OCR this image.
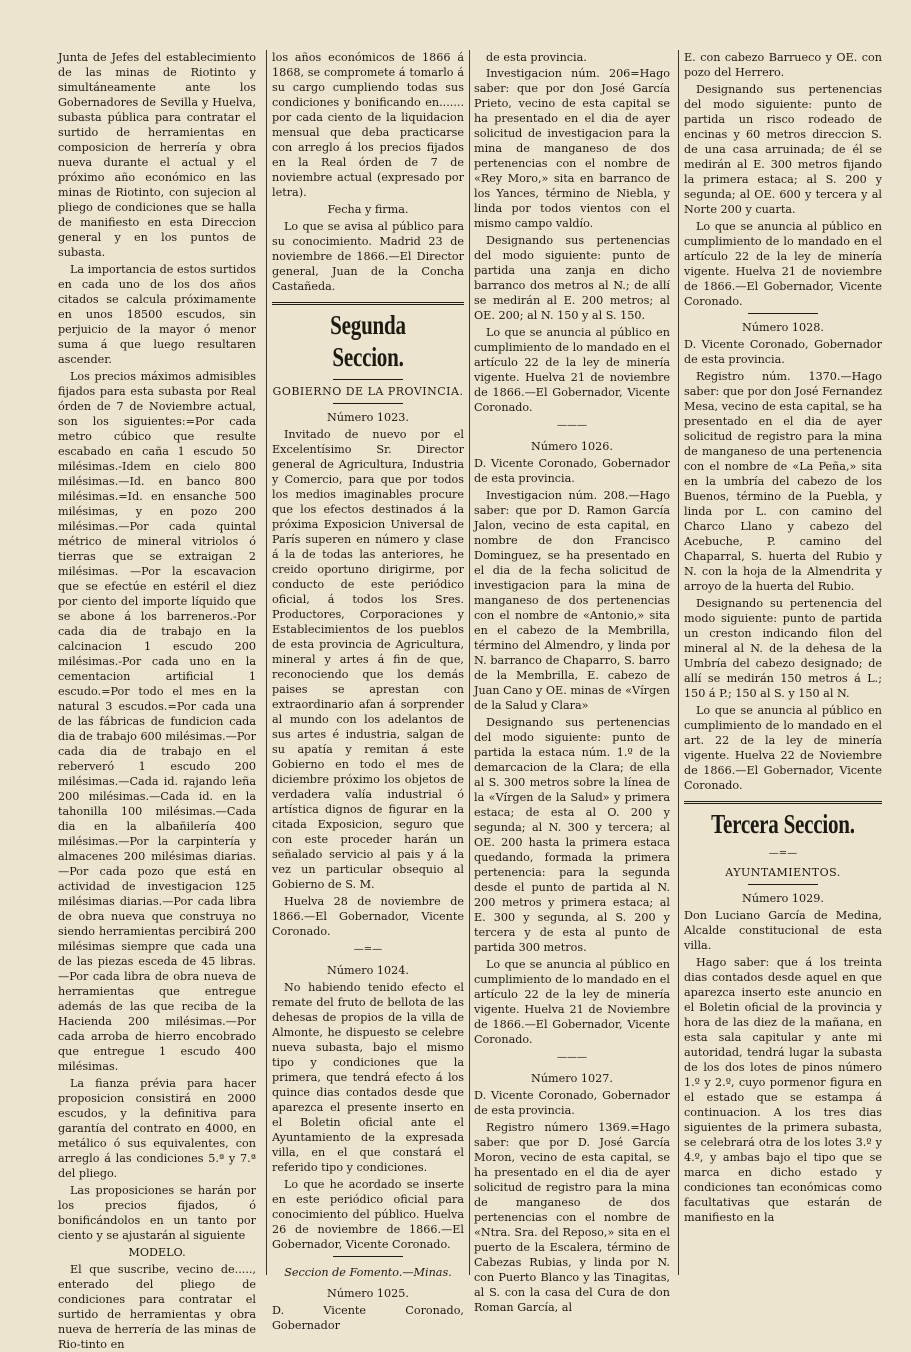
Junta de Jefes del establecimiento de las minas de Riotinto y simultáneamente ante los Gobernadores de Sevilla y Huelva, subasta pública para contratar el surtido de herramientas en composicion de herrería y obra nueva durante el actual y el próximo año económico en las minas de Riotinto, con sujecion al pliego de condiciones que se halla de manifiesto en esta Direccion general y en los puntos de subasta.

La importancia de estos surtidos en cada uno de los dos años citados se calcula próximamente en unos 18500 escudos, sin perjuicio de la mayor ó menor suma á que luego resultaren ascender.

Los precios máximos admisibles fijados para esta subasta por Real órden de 7 de Noviembre actual, son los siguientes:=Por cada metro cúbico que resulte escabado en caña 1 escudo 50 milésimas.-Idem en cielo 800 milésimas.—Id. en banco 800 milésimas.=Id. en ensanche 500 milésimas, y en pozo 200 milésimas.—Por cada quintal métrico de mineral vitriolos ó tierras que se extraigan 2 milésimas. —Por la escavacion que se efectúe en estéril el diez por ciento del importe líquido que se abone á los barreneros.-Por cada dia de trabajo en la calcinacion 1 escudo 200 milésimas.-Por cada uno en la cementacion artificial 1 escudo.=Por todo el mes en la natural 3 escudos.=Por cada una de las fábricas de fundicion cada dia de trabajo 600 milésimas.—Por cada dia de trabajo en el reberveró 1 escudo 200 milésimas.—Cada id. rajando leña 200 milésimas.—Cada id. en la tahonilla 100 milésimas.—Cada dia en la albañilería 400 milésimas.—Por la carpintería y almacenes 200 milésimas diarias.—Por cada pozo que está en actividad de investigacion 125 milésimas diarias.—Por cada libra de obra nueva que construya no siendo herramientas percibirá 200 milésimas siempre que cada una de las piezas esceda de 45 libras.—Por cada libra de obra nueva de herramientas que entregue además de las que reciba de la Hacienda 200 milésimas.—Por cada arroba de hierro encobrado que entregue 1 escudo 400 milésimas.

La fianza prévia para hacer proposicion consistirá en 2000 escudos, y la definitiva para garantía del contrato en 4000, en metálico ó sus equivalentes, con arreglo á las condiciones 5.ª y 7.ª del pliego.

Las proposiciones se harán por los precios fijados, ó bonificándolos en un tanto por ciento y se ajustarán al siguiente

MODELO.

El que suscribe, vecino de....., enterado del pliego de condiciones para contratar el surtido de herramientas y obra nueva de herrería de las minas de Rio-tinto en

los años económicos de 1866 á 1868, se compromete á tomarlo á su cargo cumpliendo todas sus condiciones y bonificando en....... por cada ciento de la liquidacion mensual que deba practicarse con arreglo á los precios fijados en la Real órden de 7 de noviembre actual (expresado por letra).

Fecha y firma.

Lo que se avisa al público para su conocimiento. Madrid 23 de noviembre de 1866.—El Director general, Juan de la Concha Castañeda.

Segunda Seccion.

GOBIERNO DE LA PROVINCIA.

Número 1023.

Invitado de nuevo por el Excelentísimo Sr. Director general de Agricultura, Industria y Comercio, para que por todos los medios imaginables procure que los efectos destinados á la próxima Exposicion Universal de París superen en número y clase á la de todas las anteriores, he creido oportuno dirigirme, por conducto de este periódico oficial, á todos los Sres. Productores, Corporaciones y Establecimientos de los pueblos de esta provincia de Agricultura, mineral y artes á fin de que, reconociendo que los demás paises se aprestan con extraordinario afan á sorprender al mundo con los adelantos de sus artes é industria, salgan de su apatía y remitan á este Gobierno en todo el mes de diciembre próximo los objetos de verdadera valía industrial ó artística dignos de figurar en la citada Exposicion, seguro que con este proceder harán un señalado servicio al pais y á la vez un particular obsequio al Gobierno de S. M.

Huelva 28 de noviembre de 1866.—El Gobernador, Vicente Coronado.

—=—

Número 1024.

No habiendo tenido efecto el remate del fruto de bellota de las dehesas de propios de la villa de Almonte, he dispuesto se celebre nueva subasta, bajo el mismo tipo y condiciones que la primera, que tendrá efecto á los quince dias contados desde que aparezca el presente inserto en el Boletin oficial ante el Ayuntamiento de la expresada villa, en el que constará el referido tipo y condiciones.

Lo que he acordado se inserte en este periódico oficial para conocimiento del público. Huelva 26 de noviembre de 1866.—El Gobernador, Vicente Coronado.

Seccion de Fomento.—Minas.

Número 1025.

D. Vicente Coronado, Gobernador

de esta provincia.

Investigacion núm. 206=Hago saber: que por don José García Prieto, vecino de esta capital se ha presentado en el dia de ayer solicitud de investigacion para la mina de manganeso de dos pertenencias con el nombre de «Rey Moro,» sita en barranco de los Yances, término de Niebla, y linda por todos vientos con el mismo campo valdío.

Designando sus pertenencias del modo siguiente: punto de partida una zanja en dicho barranco dos metros al N.; de allí se medirán al E. 200 metros; al OE. 200; al N. 150 y al S. 150.

Lo que se anuncia al público en cumplimiento de lo mandado en el artículo 22 de la ley de minería vigente. Huelva 21 de noviembre de 1866.—El Gobernador, Vicente Coronado.

———

Número 1026.

D. Vicente Coronado, Gobernador de esta provincia.

Investigacion núm. 208.—Hago saber: que por D. Ramon García Jalon, vecino de esta capital, en nombre de don Francisco Dominguez, se ha presentado en el dia de la fecha solicitud de investigacion para la mina de manganeso de dos pertenencias con el nombre de «Antonio,» sita en el cabezo de la Membrilla, término del Almendro, y linda por N. barranco de Chaparro, S. barro de la Membrilla, E. cabezo de Juan Cano y OE. minas de «Vírgen de la Salud y Clara»

Designando sus pertenencias del modo siguiente: punto de partida la estaca núm. 1.º de la demarcacion de la Clara; de ella al S. 300 metros sobre la línea de la «Vírgen de la Salud» y primera estaca; de esta al O. 200 y segunda; al N. 300 y tercera; al OE. 200 hasta la primera estaca quedando, formada la primera pertenencia: para la segunda desde el punto de partida al N. 200 metros y primera estaca; al E. 300 y segunda, al S. 200 y tercera y de esta al punto de partida 300 metros.

Lo que se anuncia al público en cumplimiento de lo mandado en el artículo 22 de la ley de minería vigente. Huelva 21 de Noviembre de 1866.—El Gobernador, Vicente Coronado.

———

Número 1027.

D. Vicente Coronado, Gobernador de esta provincia.

Registro número 1369.=Hago saber: que por D. José García Moron, vecino de esta capital, se ha presentado en el dia de ayer solicitud de registro para la mina de manganeso de dos pertenencias con el nombre de «Ntra. Sra. del Reposo,» sita en el puerto de la Escalera, término de Cabezas Rubias, y linda por N. con Puerto Blanco y las Tinagitas, al S. con la casa del Cura de don Roman García, al

E. con cabezo Barrueco y OE. con pozo del Herrero.

Designando sus pertenencias del modo siguiente: punto de partida un risco rodeado de encinas y 60 metros direccion S. de una casa arruinada; de él se medirán al E. 300 metros fijando la primera estaca; al S. 200 y segunda; al OE. 600 y tercera y al Norte 200 y cuarta.

Lo que se anuncia al público en cumplimiento de lo mandado en el artículo 22 de la ley de minería vigente. Huelva 21 de noviembre de 1866.—El Gobernador, Vicente Coronado.

Número 1028.

D. Vicente Coronado, Gobernador de esta provincia.

Registro núm. 1370.—Hago saber: que por don José Fernandez Mesa, vecino de esta capital, se ha presentado en el dia de ayer solicitud de registro para la mina de manganeso de una pertenencia con el nombre de «La Peña,» sita en la umbría del cabezo de los Buenos, término de la Puebla, y linda por L. con camino del Charco Llano y cabezo del Acebuche, P. camino del Chaparral, S. huerta del Rubio y N. con la hoja de la Almendrita y arroyo de la huerta del Rubio.

Designando su pertenencia del modo siguiente: punto de partida un creston indicando filon del mineral al N. de la dehesa de la Umbría del cabezo designado; de allí se medirán 150 metros á L.; 150 á P.; 150 al S. y 150 al N.

Lo que se anuncia al público en cumplimiento de lo mandado en el art. 22 de la ley de minería vigente. Huelva 22 de Noviembre de 1866.—El Gobernador, Vicente Coronado.

Tercera Seccion.

—=—

AYUNTAMIENTOS.

Número 1029.

Don Luciano García de Medina, Alcalde constitucional de esta villa.

Hago saber: que á los treinta dias contados desde aquel en que aparezca inserto este anuncio en el Boletin oficial de la provincia y hora de las diez de la mañana, en esta sala capitular y ante mi autoridad, tendrá lugar la subasta de los dos lotes de pinos número 1.º y 2.º, cuyo pormenor figura en el estado que se estampa á continuacion. A los tres dias siguientes de la primera subasta, se celebrará otra de los lotes 3.º y 4.º, y ambas bajo el tipo que se marca en dicho estado y condiciones tan económicas como facultativas que estarán de manifiesto en la
